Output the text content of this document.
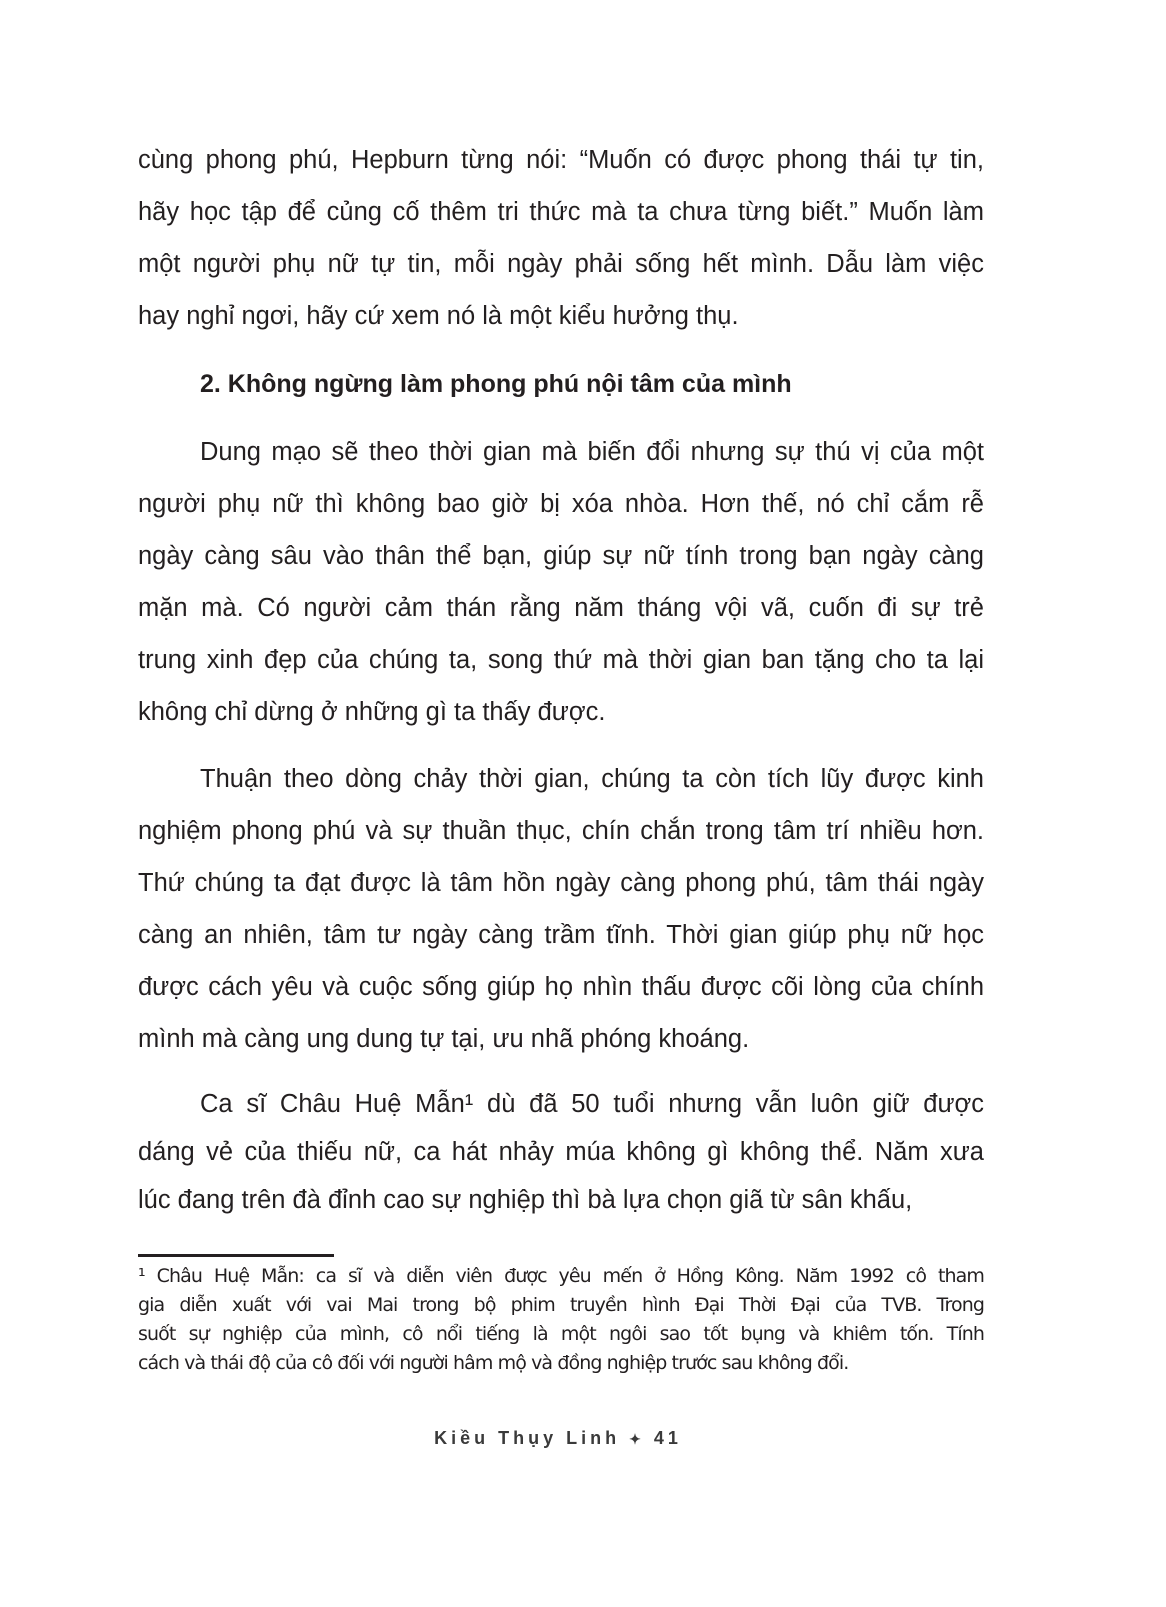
cùng phong phú, Hepburn từng nói: “Muốn có được phong thái tự tin,
hãy học tập để củng cố thêm tri thức mà ta chưa từng biết.” Muốn làm
một người phụ nữ tự tin, mỗi ngày phải sống hết mình. Dẫu làm việc
hay nghỉ ngơi, hãy cứ xem nó là một kiểu hưởng thụ.
2. Không ngừng làm phong phú nội tâm của mình
Dung mạo sẽ theo thời gian mà biến đổi nhưng sự thú vị của một
người phụ nữ thì không bao giờ bị xóa nhòa. Hơn thế, nó chỉ cắm rễ
ngày càng sâu vào thân thể bạn, giúp sự nữ tính trong bạn ngày càng
mặn mà. Có người cảm thán rằng năm tháng vội vã, cuốn đi sự trẻ
trung xinh đẹp của chúng ta, song thứ mà thời gian ban tặng cho ta lại
không chỉ dừng ở những gì ta thấy được.
Thuận theo dòng chảy thời gian, chúng ta còn tích lũy được kinh
nghiệm phong phú và sự thuần thục, chín chắn trong tâm trí nhiều hơn.
Thứ chúng ta đạt được là tâm hồn ngày càng phong phú, tâm thái ngày
càng an nhiên, tâm tư ngày càng trầm tĩnh. Thời gian giúp phụ nữ học
được cách yêu và cuộc sống giúp họ nhìn thấu được cõi lòng của chính
mình mà càng ung dung tự tại, ưu nhã phóng khoáng.
Ca sĩ Châu Huệ Mẫn¹ dù đã 50 tuổi nhưng vẫn luôn giữ được
dáng vẻ của thiếu nữ, ca hát nhảy múa không gì không thể. Năm xưa
lúc đang trên đà đỉnh cao sự nghiệp thì bà lựa chọn giã từ sân khấu,
¹ Châu Huệ Mẫn: ca sĩ và diễn viên được yêu mến ở Hồng Kông. Năm 1992 cô tham
gia diễn xuất với vai Mai trong bộ phim truyền hình Đại Thời Đại của TVB. Trong
suốt sự nghiệp của mình, cô nổi tiếng là một ngôi sao tốt bụng và khiêm tốn. Tính
cách và thái độ của cô đối với người hâm mộ và đồng nghiệp trước sau không đổi.
Kiều Thụy Linh ✦ 41
